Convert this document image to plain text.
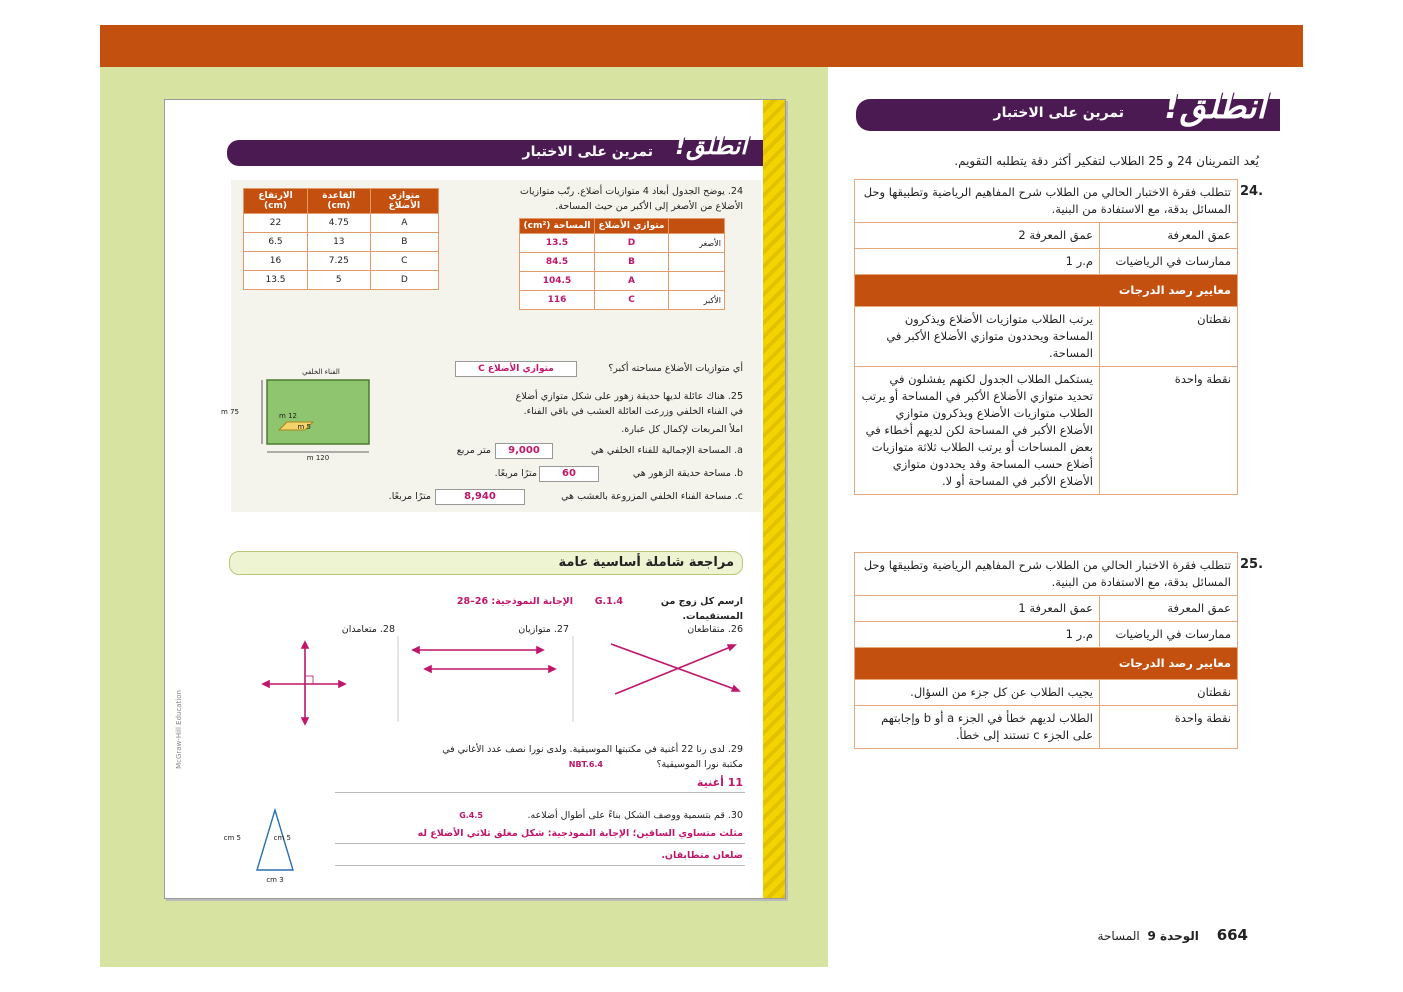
تمرين على الاختبار انطلق!
متوازي الأضلاع	القاعدة (cm)	الارتفاع (cm)
A	4.75	22
B	13	6.5
C	7.25	16
D	5	13.5
24. يوضح الجدول أبعاد 4 متوازيات أضلاع. رتّب متوازيات الأضلاع من الأصغر إلى الأكبر من حيث المساحة.
	متوازي الأضلاع	المساحة (cm²)
الأصغر	D	13.5
	B	84.5
	A	104.5
الأكبر	C	116
أي متوازيات الأضلاع مساحته أكبر؟
متوازي الأضلاع C
الفناء الخلفي
12 m
5 m
75 m
120 m
25. هناك عائلة لديها حديقة زهور على شكل متوازي أضلاع
في الفناء الخلفي وزرعت العائلة العشب في باقي الفناء.
املأ المربعات لإكمال كل عبارة.
a. المساحة الإجمالية للفناء الخلفي هي
9,000
متر مربع
b. مساحة حديقة الزهور هي
60
مترًا مربعًا.
c. مساحة الفناء الخلفي المزروعة بالعشب هي
8,940
مترًا مربعًا.
مراجعة شاملة أساسية عامة
ارسم كل زوج من المستقيمات.
G.1.4
الإجابة النموذجية: 26–28
26. متقاطعان
27. متوازيان
28. متعامدان
29. لدى رنا 22 أغنية في مكتبتها الموسيقية. ولدى نورا نصف عدد الأغاني في
مكتبة نورا الموسيقية؟
NBT.6.4
11 أغنية
30. قم بتسمية ووصف الشكل بناءً على أطوال أضلاعه.
5.G.4
مثلث متساوي الساقين؛ الإجابة النموذجية: شكل مغلق ثلاثي الأضلاع له
ضلعان متطابقان.
5 cm	5 cm
3 cm
McGraw-Hill Education
تمرين على الاختبار انطلق!
يُعد التمرينان 24 و 25 الطلاب لتفكير أكثر دقة يتطلبه التقويم.
.24
تتطلب فقرة الاختبار الحالي من الطلاب شرح المفاهيم الرياضية وتطبيقها وحل المسائل بدقة، مع الاستفادة من البنية.	
عمق المعرفة	عمق المعرفة 2
ممارسات في الرياضيات	م.ر 1
معايير رصد الدرجات	
نقطتان	يرتب الطلاب متوازيات الأضلاع ويذكرون المساحة ويحددون متوازي الأضلاع الأكبر في المساحة.
نقطة واحدة	يستكمل الطلاب الجدول لكنهم يفشلون في تحديد متوازي الأضلاع الأكبر في المساحة أو يرتب الطلاب متوازيات الأضلاع ويذكرون متوازي الأضلاع الأكبر في المساحة لكن لديهم أخطاء في بعض المساحات أو يرتب الطلاب ثلاثة متوازيات أضلاع حسب المساحة وقد يحددون متوازي الأضلاع الأكبر في المساحة أو لا.
.25
تتطلب فقرة الاختبار الحالي من الطلاب شرح المفاهيم الرياضية وتطبيقها وحل المسائل بدقة، مع الاستفادة من البنية.	
عمق المعرفة	عمق المعرفة 1
ممارسات في الرياضيات	م.ر 1
معايير رصد الدرجات	
نقطتان	يجيب الطلاب عن كل جزء من السؤال.
نقطة واحدة	الطلاب لديهم خطأ في الجزء a أو b وإجابتهم على الجزء c تستند إلى خطأ.
664 الوحدة 9 المساحة
